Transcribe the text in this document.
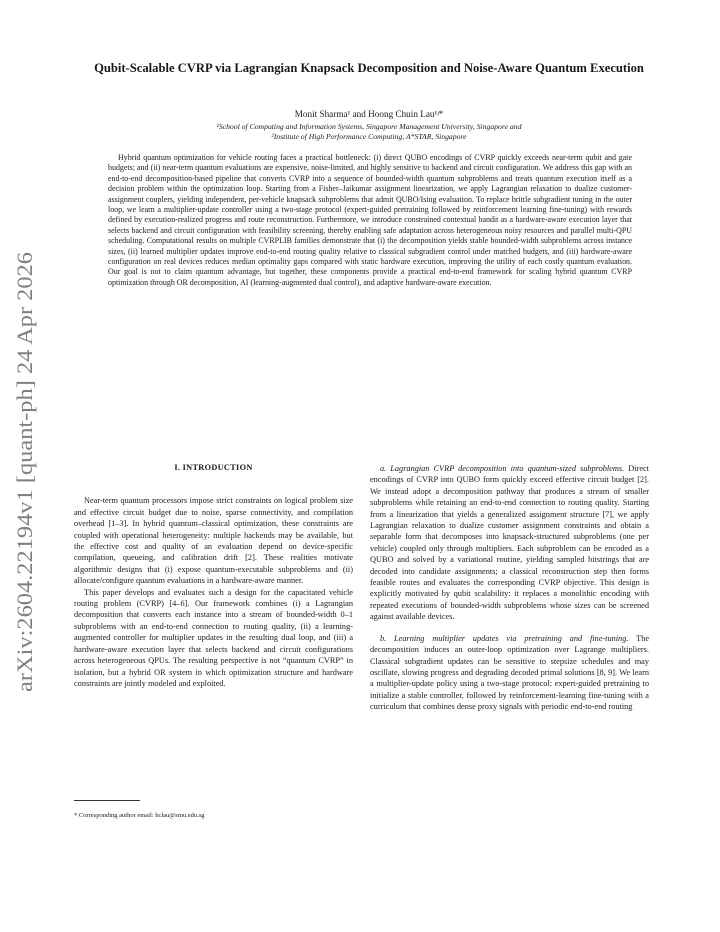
arXiv:2604.22194v1 [quant-ph] 24 Apr 2026
Qubit-Scalable CVRP via Lagrangian Knapsack Decomposition and Noise-Aware Quantum Execution
Monit Sharma¹ and Hoong Chuin Lau¹ʲ*
¹School of Computing and Information Systems, Singapore Management University, Singapore and
²Institute of High Performance Computing, A*STAR, Singapore

Hybrid quantum optimization for vehicle routing faces a practical bottleneck: (i) direct QUBO encodings of CVRP quickly exceeds near-term qubit and gate budgets; and (ii) near-term quantum evaluations are expensive, noise-limited, and highly sensitive to backend and circuit configuration. We address this gap with an end-to-end decomposition-based pipeline that converts CVRP into a sequence of bounded-width quantum subproblems and treats quantum execution itself as a decision problem within the optimization loop. Starting from a Fisher–Jaikumar assignment linearization, we apply Lagrangian relaxation to dualize customer-assignment couplers, yielding independent, per-vehicle knapsack subproblems that admit QUBO/Ising evaluation. To replace brittle subgradient tuning in the outer loop, we learn a multiplier-update controller using a two-stage protocol (expert-guided pretraining followed by reinforcement learning fine-tuning) with rewards defined by execution-realized progress and route reconstruction. Furthermore, we introduce constrained contextual bandit as a hardware-aware execution layer that selects backend and circuit configuration with feasibility screening, thereby enabling safe adaptation across heterogeneous noisy resources and parallel multi-QPU scheduling. Computational results on multiple CVRPLIB families demonstrate that (i) the decomposition yields stable bounded-width subproblems across instance sizes, (ii) learned multiplier updates improve end-to-end routing quality relative to classical subgradient control under matched budgets, and (iii) hardware-aware configuration on real devices reduces median optimality gaps compared with static hardware execution, improving the utility of each costly quantum evaluation. Our goal is not to claim quantum advantage, but together, these components provide a practical end-to-end framework for scaling hybrid quantum CVRP optimization through OR decomposition, AI (learning-augmented dual control), and adaptive hardware-aware execution.

I. INTRODUCTION

Near-term quantum processors impose strict constraints on logical problem size and effective circuit budget due to noise, sparse connectivity, and compilation overhead [1–3]. In hybrid quantum–classical optimization, these constraints are coupled with operational heterogeneity: multiple backends may be available, but the effective cost and quality of an evaluation depend on device-specific compilation, queueing, and calibration drift [2]. These realities motivate algorithmic designs that (i) expose quantum-executable subproblems and (ii) allocate/configure quantum evaluations in a hardware-aware manner.

This paper develops and evaluates such a design for the capacitated vehicle routing problem (CVRP) [4–6]. Our framework combines (i) a Lagrangian decomposition that converts each instance into a stream of bounded-width 0–1 subproblems with an end-to-end connection to routing quality, (ii) a learning-augmented controller for multiplier updates in the resulting dual loop, and (iii) a hardware-aware execution layer that selects backend and circuit configurations across heterogeneous QPUs. The resulting perspective is not “quantum CVRP” in isolation, but a hybrid OR system in which optimization structure and hardware constraints are jointly modeled and exploited.

* Corresponding author email: hclau@smu.edu.sg

a. Lagrangian CVRP decomposition into quantum-sized subproblems. Direct encodings of CVRP into QUBO form quickly exceed effective circuit budget [2]. We instead adopt a decomposition pathway that produces a stream of smaller subproblems while retaining an end-to-end connection to routing quality. Starting from a linearization that yields a generalized assignment structure [7], we apply Lagrangian relaxation to dualize customer assignment constraints and obtain a separable form that decomposes into knapsack-structured subproblems (one per vehicle) coupled only through multipliers. Each subproblem can be encoded as a QUBO and solved by a variational routine, yielding sampled bitstrings that are decoded into candidate assignments; a classical reconstruction step then forms feasible routes and evaluates the corresponding CVRP objective. This design is explicitly motivated by qubit scalability: it replaces a monolithic encoding with repeated executions of bounded-width subproblems whose sizes can be screened against available devices.

b. Learning multiplier updates via pretraining and fine-tuning. The decomposition induces an outer-loop optimization over Lagrange multipliers. Classical subgradient updates can be sensitive to stepsize schedules and may oscillate, slowing progress and degrading decoded primal solutions [8, 9]. We learn a multiplier-update policy using a two-stage protocol: expert-guided pretraining to initialize a stable controller, followed by reinforcement-learning fine-tuning with a curriculum that combines dense proxy signals with periodic end-to-end routing
